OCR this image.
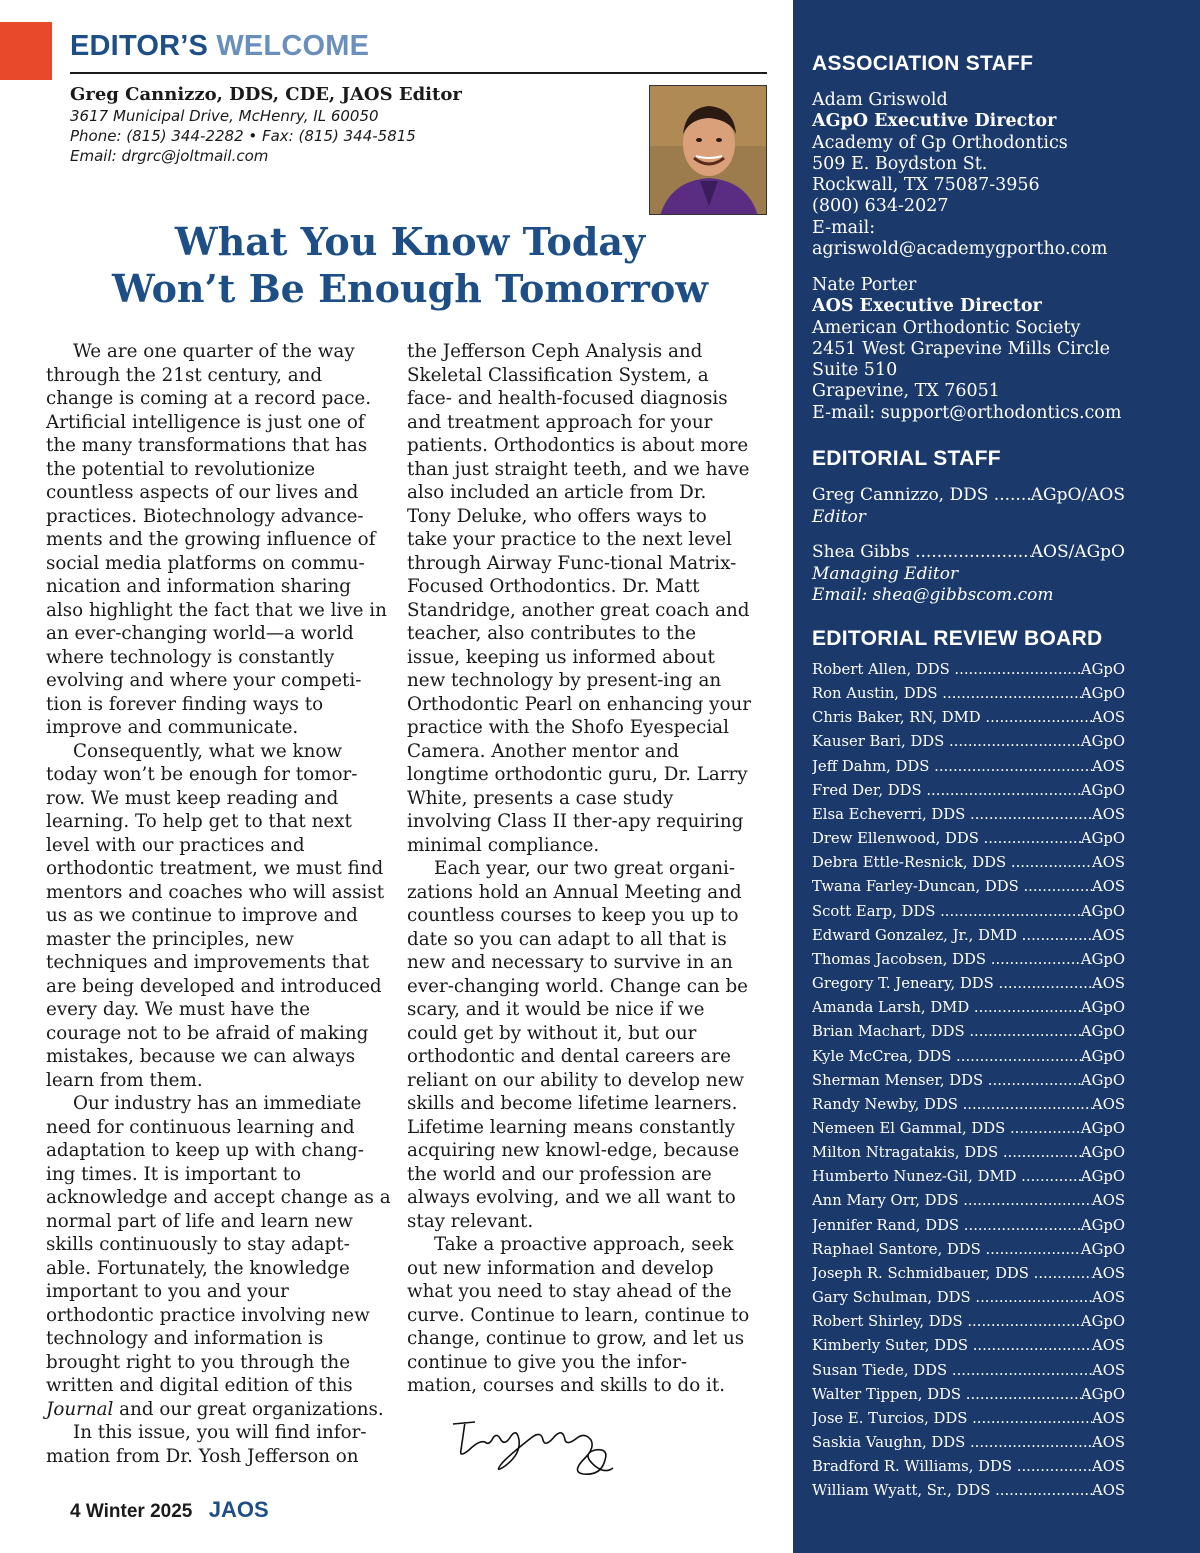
EDITOR’S WELCOME
Greg Cannizzo, DDS, CDE, JAOS Editor
3617 Municipal Drive, McHenry, IL 60050
Phone: (815) 344-2282 • Fax: (815) 344-5815
Email: drgrc@joltmail.com
What You Know Today
Won’t Be Enough Tomorrow

We are one quarter of the way through the 21st century, and change is coming at a record pace. Artificial intelligence is just one of the many transformations that has the potential to revolutionize countless aspects of our lives and practices. Biotechnology advance-ments and the growing influence of social media platforms on commu-nication and information sharing also highlight the fact that we live in an ever-changing world—a world where technology is constantly evolving and where your competi-tion is forever finding ways to improve and communicate.

Consequently, what we know today won’t be enough for tomor-row. We must keep reading and learning. To help get to that next level with our practices and orthodontic treatment, we must find mentors and coaches who will assist us as we continue to improve and master the principles, new techniques and improvements that are being developed and introduced every day. We must have the courage not to be afraid of making mistakes, because we can always learn from them.

Our industry has an immediate need for continuous learning and adaptation to keep up with chang-ing times. It is important to acknowledge and accept change as a normal part of life and learn new skills continuously to stay adapt-able. Fortunately, the knowledge important to you and your orthodontic practice involving new technology and information is brought right to you through the written and digital edition of this Journal and our great organizations.

In this issue, you will find infor-mation from Dr. Yosh Jefferson on

the Jefferson Ceph Analysis and Skeletal Classification System, a face- and health-focused diagnosis and treatment approach for your patients. Orthodontics is about more than just straight teeth, and we have also included an article from Dr. Tony Deluke, who offers ways to take your practice to the next level through Airway Func-tional Matrix-Focused Orthodontics. Dr. Matt Standridge, another great coach and teacher, also contributes to the issue, keeping us informed about new technology by present-ing an Orthodontic Pearl on enhancing your practice with the Shofo Eyespecial Camera. Another mentor and longtime orthodontic guru, Dr. Larry White, presents a case study involving Class II ther-apy requiring minimal compliance.

Each year, our two great organi-zations hold an Annual Meeting and countless courses to keep you up to date so you can adapt to all that is new and necessary to survive in an ever-changing world. Change can be scary, and it would be nice if we could get by without it, but our orthodontic and dental careers are reliant on our ability to develop new skills and become lifetime learners. Lifetime learning means constantly acquiring new knowl-edge, because the world and our profession are always evolving, and we all want to stay relevant.

Take a proactive approach, seek out new information and develop what you need to stay ahead of the curve. Continue to learn, continue to change, continue to grow, and let us continue to give you the infor-mation, courses and skills to do it.

4 Winter 2025 JAOS
ASSOCIATION STAFF
Adam Griswold
AGpO Executive Director
Academy of Gp Orthodontics
509 E. Boydston St.
Rockwall, TX 75087-3956
(800) 634-2027
E-mail:
agriswold@academygportho.com
Nate Porter
AOS Executive Director
American Orthodontic Society
2451 West Grapevine Mills Circle
Suite 510
Grapevine, TX 76051
E-mail: support@orthodontics.com
EDITORIAL STAFF
Greg Cannizzo, DDS .....	AGpO/AOS
Editor
Shea Gibbs .....	AOS/AGpO
Managing Editor
Email: shea@gibbscom.com
EDITORIAL REVIEW BOARD
Robert Allen, DDS .....	AGpO
Ron Austin, DDS .....	AGpO
Chris Baker, RN, DMD .....	AOS
Kauser Bari, DDS .....	AGpO
Jeff Dahm, DDS .....	AOS
Fred Der, DDS .....	AGpO
Elsa Echeverri, DDS .....	AOS
Drew Ellenwood, DDS .....	AGpO
Debra Ettle-Resnick, DDS .....	AOS
Twana Farley-Duncan, DDS .....	AOS
Scott Earp, DDS .....	AGpO
Edward Gonzalez, Jr., DMD .....	AOS
Thomas Jacobsen, DDS .....	AGpO
Gregory T. Jeneary, DDS .....	AOS
Amanda Larsh, DMD .....	AGpO
Brian Machart, DDS .....	AGpO
Kyle McCrea, DDS .....	AGpO
Sherman Menser, DDS .....	AGpO
Randy Newby, DDS .....	AOS
Nemeen El Gammal, DDS .....	AGpO
Milton Ntragatakis, DDS .....	AGpO
Humberto Nunez-Gil, DMD .....	AGpO
Ann Mary Orr, DDS .....	AOS
Jennifer Rand, DDS .....	AGpO
Raphael Santore, DDS .....	AGpO
Joseph R. Schmidbauer, DDS .....	AOS
Gary Schulman, DDS .....	AOS
Robert Shirley, DDS .....	AGpO
Kimberly Suter, DDS .....	AOS
Susan Tiede, DDS .....	AOS
Walter Tippen, DDS .....	AGpO
Jose E. Turcios, DDS .....	AOS
Saskia Vaughn, DDS .....	AOS
Bradford R. Williams, DDS .....	AOS
William Wyatt, Sr., DDS .....	AOS
